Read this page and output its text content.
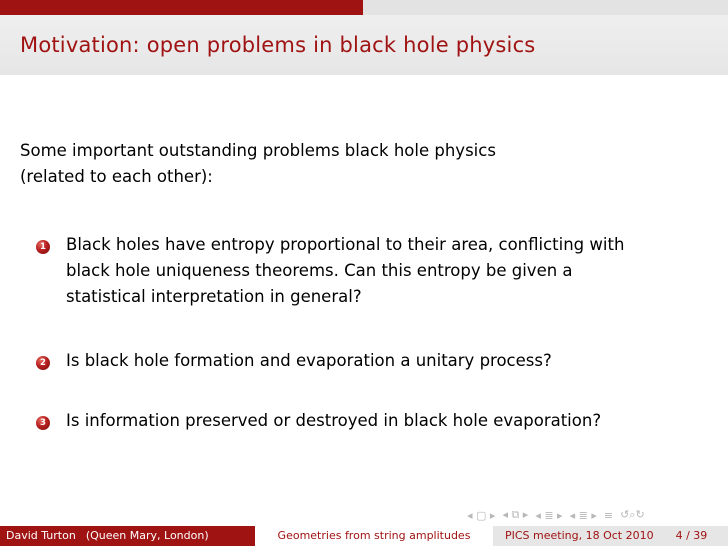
Motivation: open problems in black hole physics
Some important outstanding problems black hole physics
(related to each other):
1 Black holes have entropy proportional to their area, conflicting with
black hole uniqueness theorems. Can this entropy be given a
statistical interpretation in general?
2 Is black hole formation and evaporation a unitary process?
3 Is information preserved or destroyed in black hole evaporation?
◂ ▢ ▸ ◂ ⧉ ▸ ◂ ≣ ▸ ◂ ≣ ▸ ≡ ↺⌕↻
David Turton (Queen Mary, London)	Geometries from string amplitudes	PICS meeting, 18 Oct 2010 4 / 39
